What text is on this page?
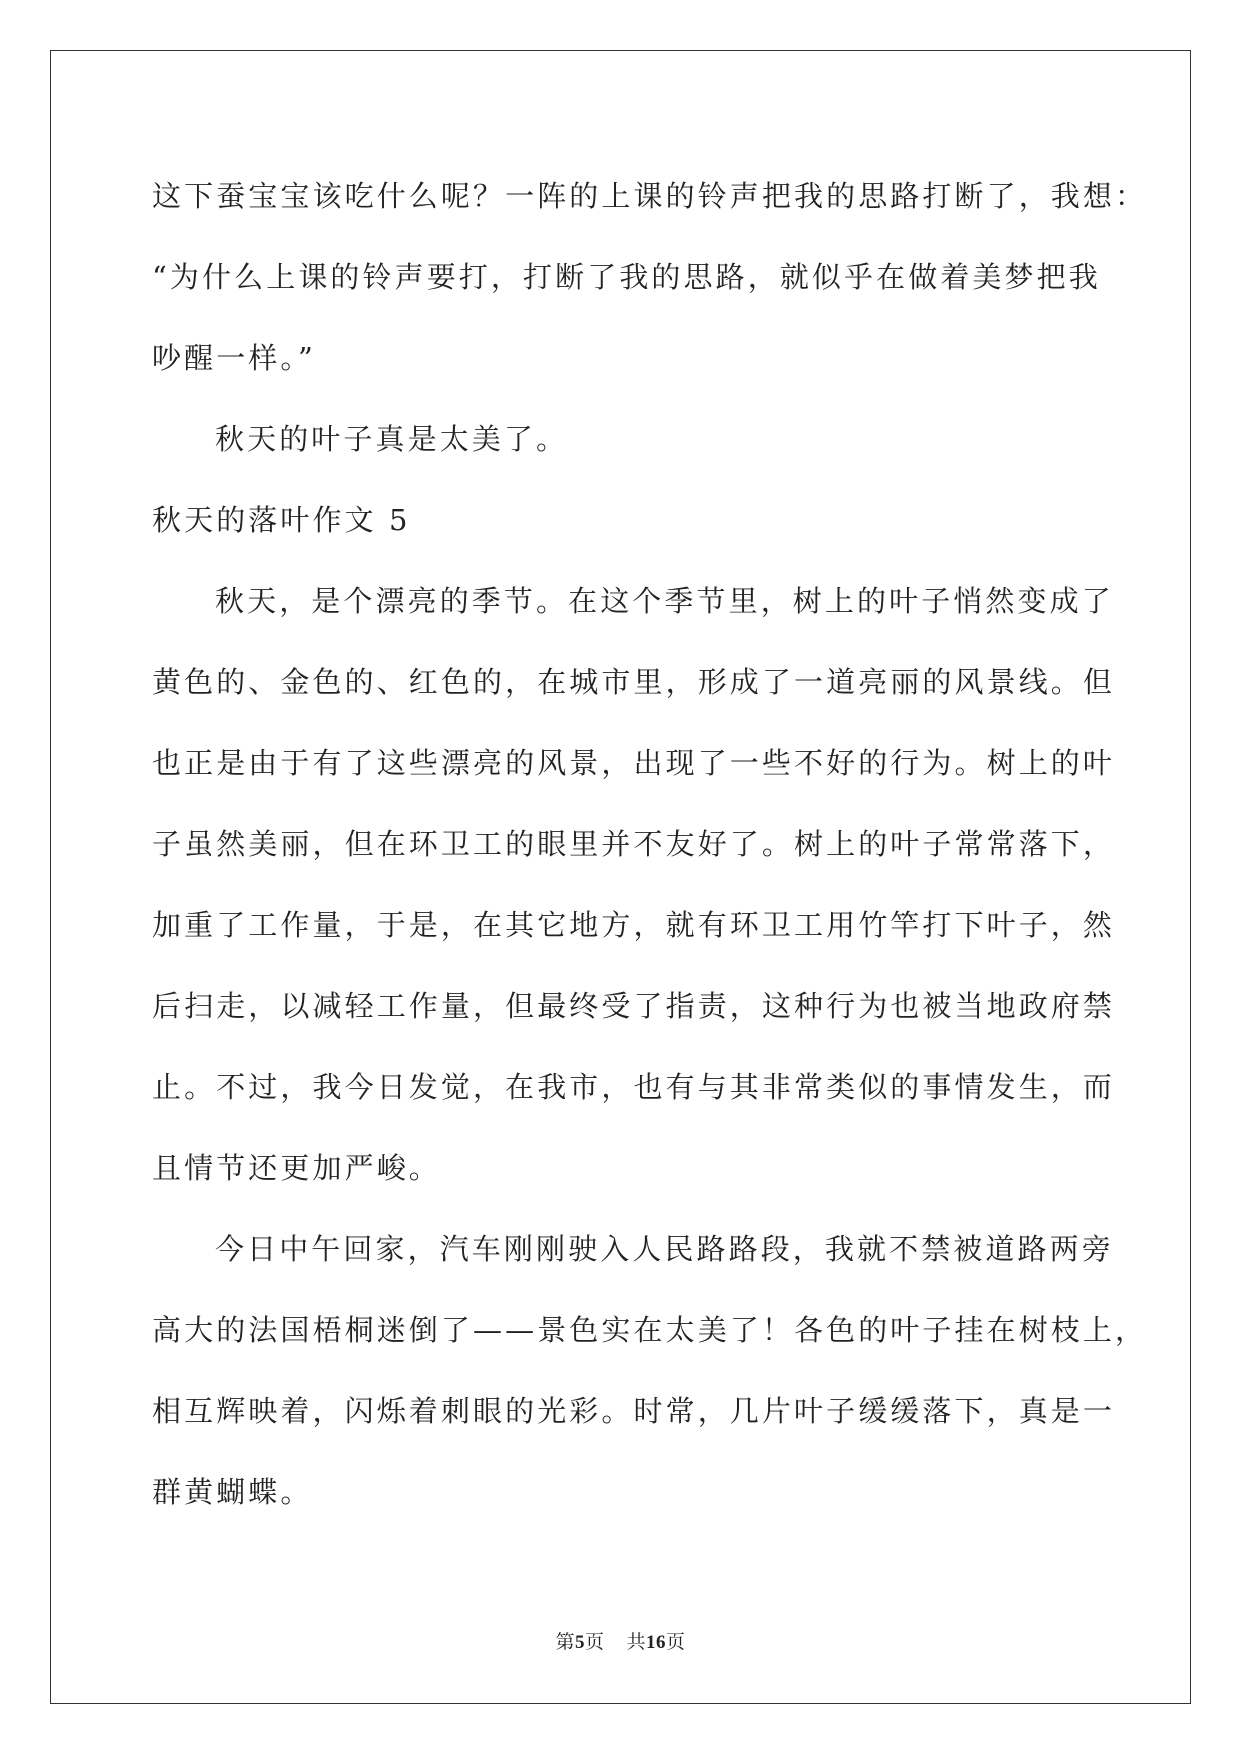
这下蚕宝宝该吃什么呢？一阵的上课的铃声把我的思路打断了，我想：
“为什么上课的铃声要打，打断了我的思路，就似乎在做着美梦把我
吵醒一样。”
秋天的叶子真是太美了。
秋天的落叶作文 5
秋天，是个漂亮的季节。在这个季节里，树上的叶子悄然变成了
黄色的、金色的、红色的，在城市里，形成了一道亮丽的风景线。但
也正是由于有了这些漂亮的风景，出现了一些不好的行为。树上的叶
子虽然美丽，但在环卫工的眼里并不友好了。树上的叶子常常落下，
加重了工作量，于是，在其它地方，就有环卫工用竹竿打下叶子，然
后扫走，以减轻工作量，但最终受了指责，这种行为也被当地政府禁
止。不过，我今日发觉，在我市，也有与其非常类似的事情发生，而
且情节还更加严峻。
今日中午回家，汽车刚刚驶入人民路路段，我就不禁被道路两旁
高大的法国梧桐迷倒了——景色实在太美了！各色的叶子挂在树枝上，
相互辉映着，闪烁着刺眼的光彩。时常，几片叶子缓缓落下，真是一
群黄蝴蝶。
第5页 共16页
